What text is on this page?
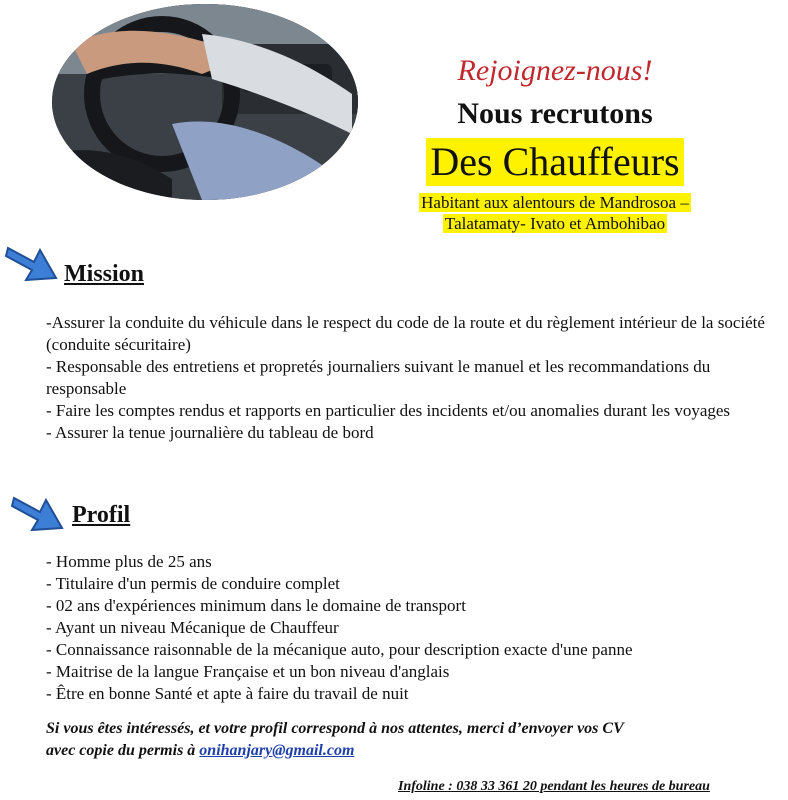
Rejoignez-nous!
Nous recrutons
Des Chauffeurs
Habitant aux alentours de Mandrosoa –
Talatamaty- Ivato et Ambohibao
Mission

-Assurer la conduite du véhicule dans le respect du code de la route et du règlement intérieur de la société (conduite sécuritaire)

- Responsable des entretiens et propretés journaliers suivant le manuel et les recommandations du responsable

- Faire les comptes rendus et rapports en particulier des incidents et/ou anomalies durant les voyages

- Assurer la tenue journalière du tableau de bord

Profil

- Homme plus de 25 ans

- Titulaire d'un permis de conduire complet

- 02 ans d'expériences minimum dans le domaine de transport

- Ayant un niveau Mécanique de Chauffeur

- Connaissance raisonnable de la mécanique auto, pour description exacte d'une panne

- Maitrise de la langue Française et un bon niveau d'anglais

- Être en bonne Santé et apte à faire du travail de nuit

Si vous êtes intéressés, et votre profil correspond à nos attentes, merci d’envoyer vos CV
avec copie du permis à onihanjary@gmail.com
Infoline : 038 33 361 20 pendant les heures de bureau
